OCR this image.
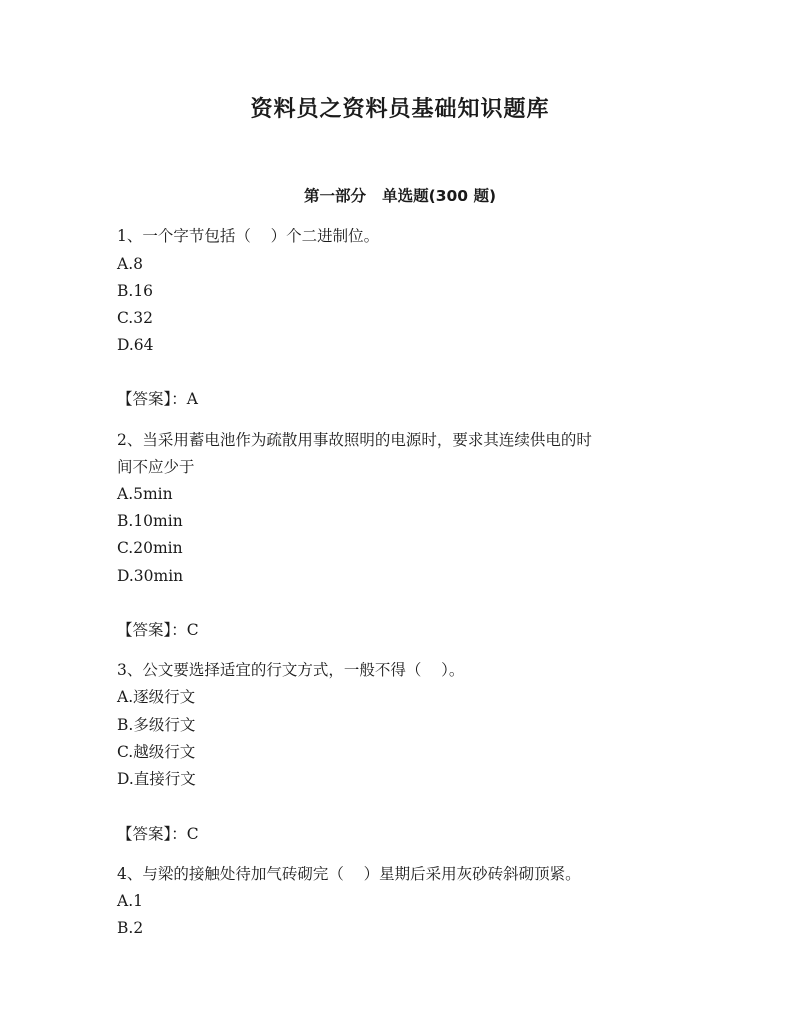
资料员之资料员基础知识题库
第一部分   单选题(300 题)
1、一个字节包括（    ）个二进制位。
A.8
B.16
C.32
D.64
【答案】：A
2、当采用蓄电池作为疏散用事故照明的电源时，要求其连续供电的时
间不应少于
A.5min
B.10min
C.20min
D.30min
【答案】：C
3、公文要选择适宜的行文方式，一般不得（    ）。
A.逐级行文
B.多级行文
C.越级行文
D.直接行文
【答案】：C
4、与梁的接触处待加气砖砌完（    ）星期后采用灰砂砖斜砌顶紧。
A.1
B.2
